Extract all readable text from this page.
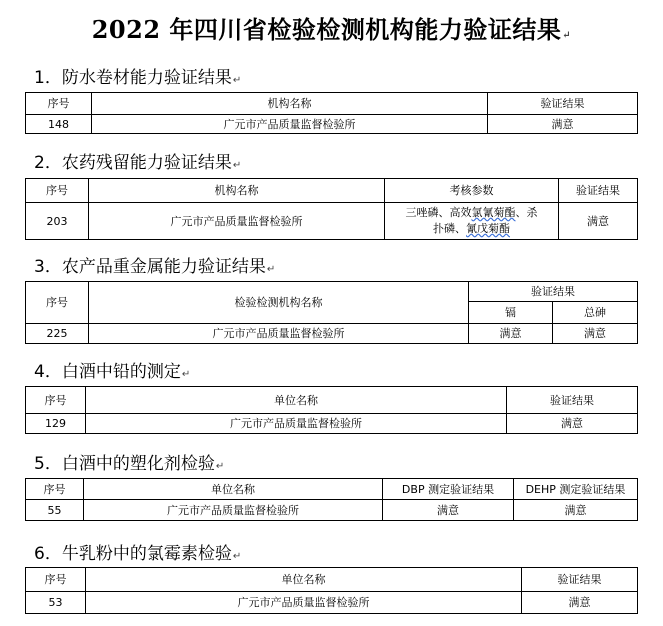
2022 年四川省检验检测机构能力验证结果↵
1．防水卷材能力验证结果↵
序号	机构名称	验证结果
148	广元市产品质量监督检验所	满意
2．农药残留能力验证结果↵
序号	机构名称	考核参数	验证结果
203	广元市产品质量监督检验所	三唑磷、高效氯氰菊酯、杀
扑磷、氰戊菊酯	满意
3．农产品重金属能力验证结果↵
序号	检验检测机构名称	验证结果	
		镉	总砷
225	广元市产品质量监督检验所	满意	满意
4．白酒中铅的测定↵
序号	单位名称	验证结果
129	广元市产品质量监督检验所	满意
5．白酒中的塑化剂检验↵
序号	单位名称	DBP 测定验证结果	DEHP 测定验证结果
55	广元市产品质量监督检验所	满意	满意
6．牛乳粉中的氯霉素检验↵
序号	单位名称	验证结果
53	广元市产品质量监督检验所	满意
